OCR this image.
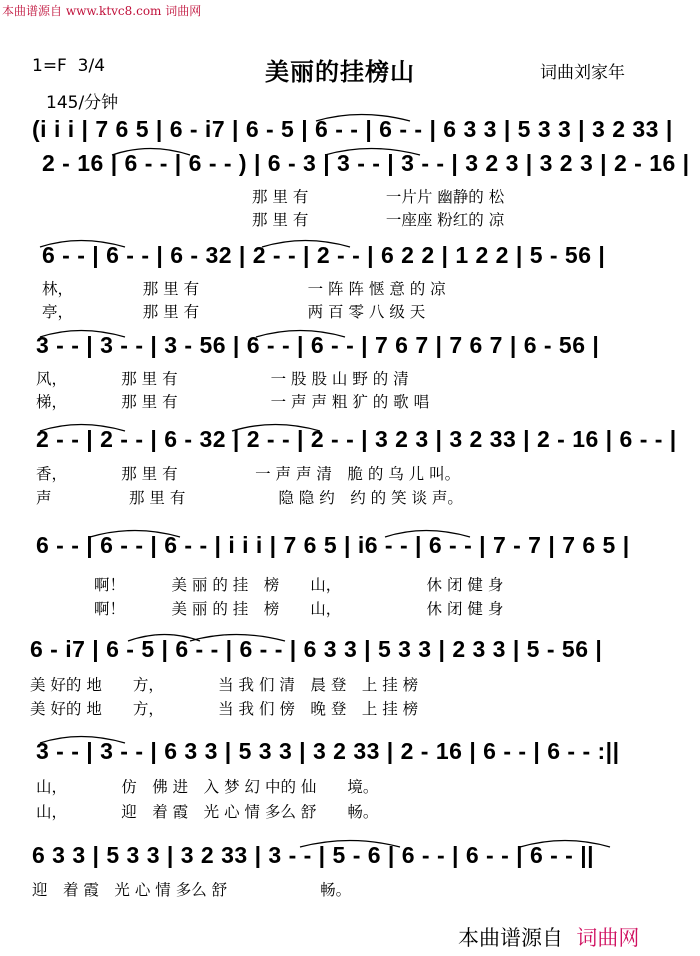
本曲谱源自 www.ktvc8.com 词曲网
1=F 3/4	美丽的挂榜山	词曲刘家年
145/分钟
(i i i | 7 6 5 | 6 - i7 | 6 - 5 | 6 - - | 6 - - | 6 3 3 | 5 3 3 | 3 2 33 |
2 - 16 | 6 - - | 6 - - ) | 6 - 3 | 3 - - | 3 - - | 3 2 3 | 3 2 3 | 2 - 16 |
那 里 有　　　　　一片片 幽静的 松
那 里 有　　　　　一座座 粉红的 凉
6 - - | 6 - - | 6 - 32 | 2 - - | 2 - - | 6 2 2 | 1 2 2 | 5 - 56 |
林，　　　　　那 里 有　　　　　　　一 阵 阵 惬 意 的 凉
亭，　　　　　那 里 有　　　　　　　两 百 零 八 级 天
3 - - | 3 - - | 3 - 56 | 6 - - | 6 - - | 7 6 7 | 7 6 7 | 6 - 56 |
风，　　　　那 里 有　　　　　　一 股 股 山 野 的 清
梯，　　　　那 里 有　　　　　　一 声 声 粗 犷 的 歌 唱
2 - - | 2 - - | 6 - 32 | 2 - - | 2 - - | 3 2 3 | 3 2 33 | 2 - 16 | 6 - - |
香，　　　　那 里 有　　　　　一 声 声 清　脆 的 乌 儿 叫。
声　　　　　那 里 有　　　　　　隐 隐 约　约 的 笑 谈 声。
6 - - | 6 - - | 6 - - | i i i | 7 6 5 | i6 - - | 6 - - | 7 - 7 | 7 6 5 |
啊！　　　美 丽 的 挂　榜　　山，　　　　　　休 闭 健 身
啊！　　　美 丽 的 挂　榜　　山，　　　　　　休 闭 健 身
6 - i7 | 6 - 5 | 6 - - | 6 - - | 6 3 3 | 5 3 3 | 2 3 3 | 5 - 56 |
美 好的 地　　方，　　　　当 我 们 清　晨 登　上 挂 榜
美 好的 地　　方，　　　　当 我 们 傍　晚 登　上 挂 榜
3 - - | 3 - - | 6 3 3 | 5 3 3 | 3 2 33 | 2 - 16 | 6 - - | 6 - - :||
山，　　　　仿　佛 进　入 梦 幻 中的 仙　　境。
山，　　　　迎　着 霞　光 心 情 多么 舒　　畅。
6 3 3 | 5 3 3 | 3 2 33 | 3 - - | 5 - 6 | 6 - - | 6 - - | 6 - - ||
迎　着 霞　光 心 情 多么 舒　　　　　　畅。
本曲谱源自 词曲网
